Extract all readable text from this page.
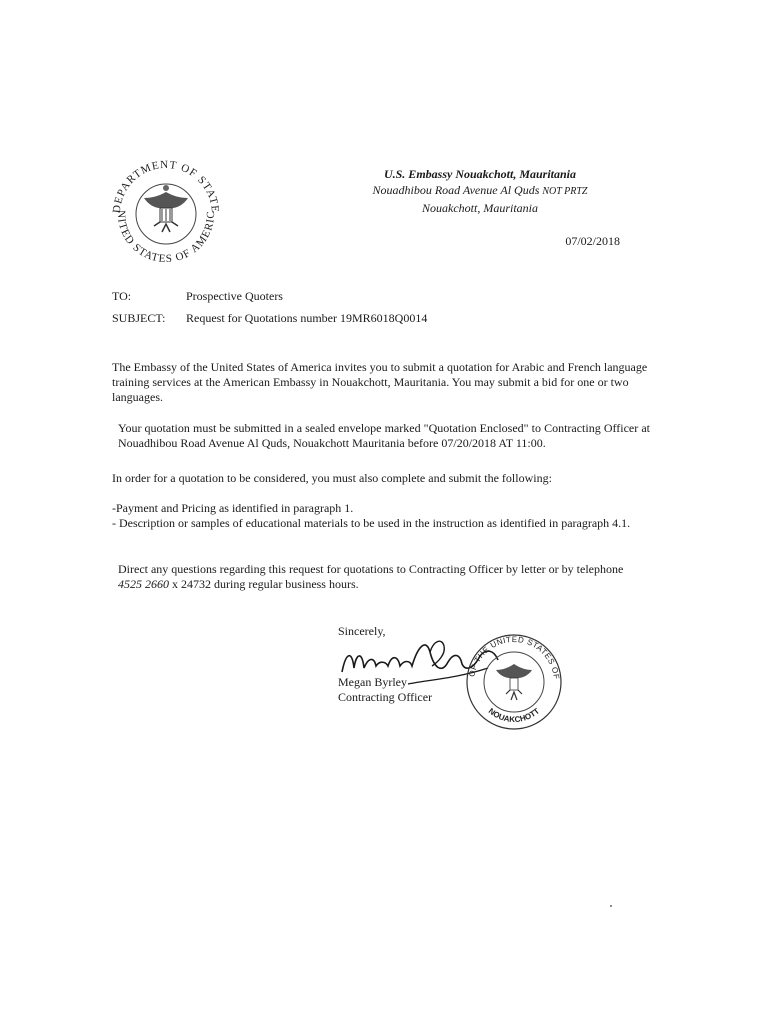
DEPARTMENT OF STATE
NITED STATES OF AMERIC
U.S. Embassy Nouakchott, Mauritania
Nouadhibou Road Avenue Al Quds NOT PRTZ
Nouakchott, Mauritania
07/02/2018
TO:	Prospective Quoters
SUBJECT: Request for Quotations number 19MR6018Q0014
The Embassy of the United States of America invites you to submit a quotation for Arabic and French language training services at the American Embassy in Nouakchott, Mauritania. You may submit a bid for one or two languages.
Your quotation must be submitted in a sealed envelope marked "Quotation Enclosed" to Contracting Officer at Nouadhibou Road Avenue Al Quds, Nouakchott Mauritania before 07/20/2018 AT 11:00.
In order for a quotation to be considered, you must also complete and submit the following:
-Payment and Pricing as identified in paragraph 1.
- Description or samples of educational materials to be used in the instruction as identified in paragraph 4.1.
Direct any questions regarding this request for quotations to Contracting Officer by letter or by telephone
4525 2660 x 24732 during regular business hours.
Sincerely,
Megan Byrley
Contracting Officer
OF THE UNITED STATES OF
NOUAKCHOTT
